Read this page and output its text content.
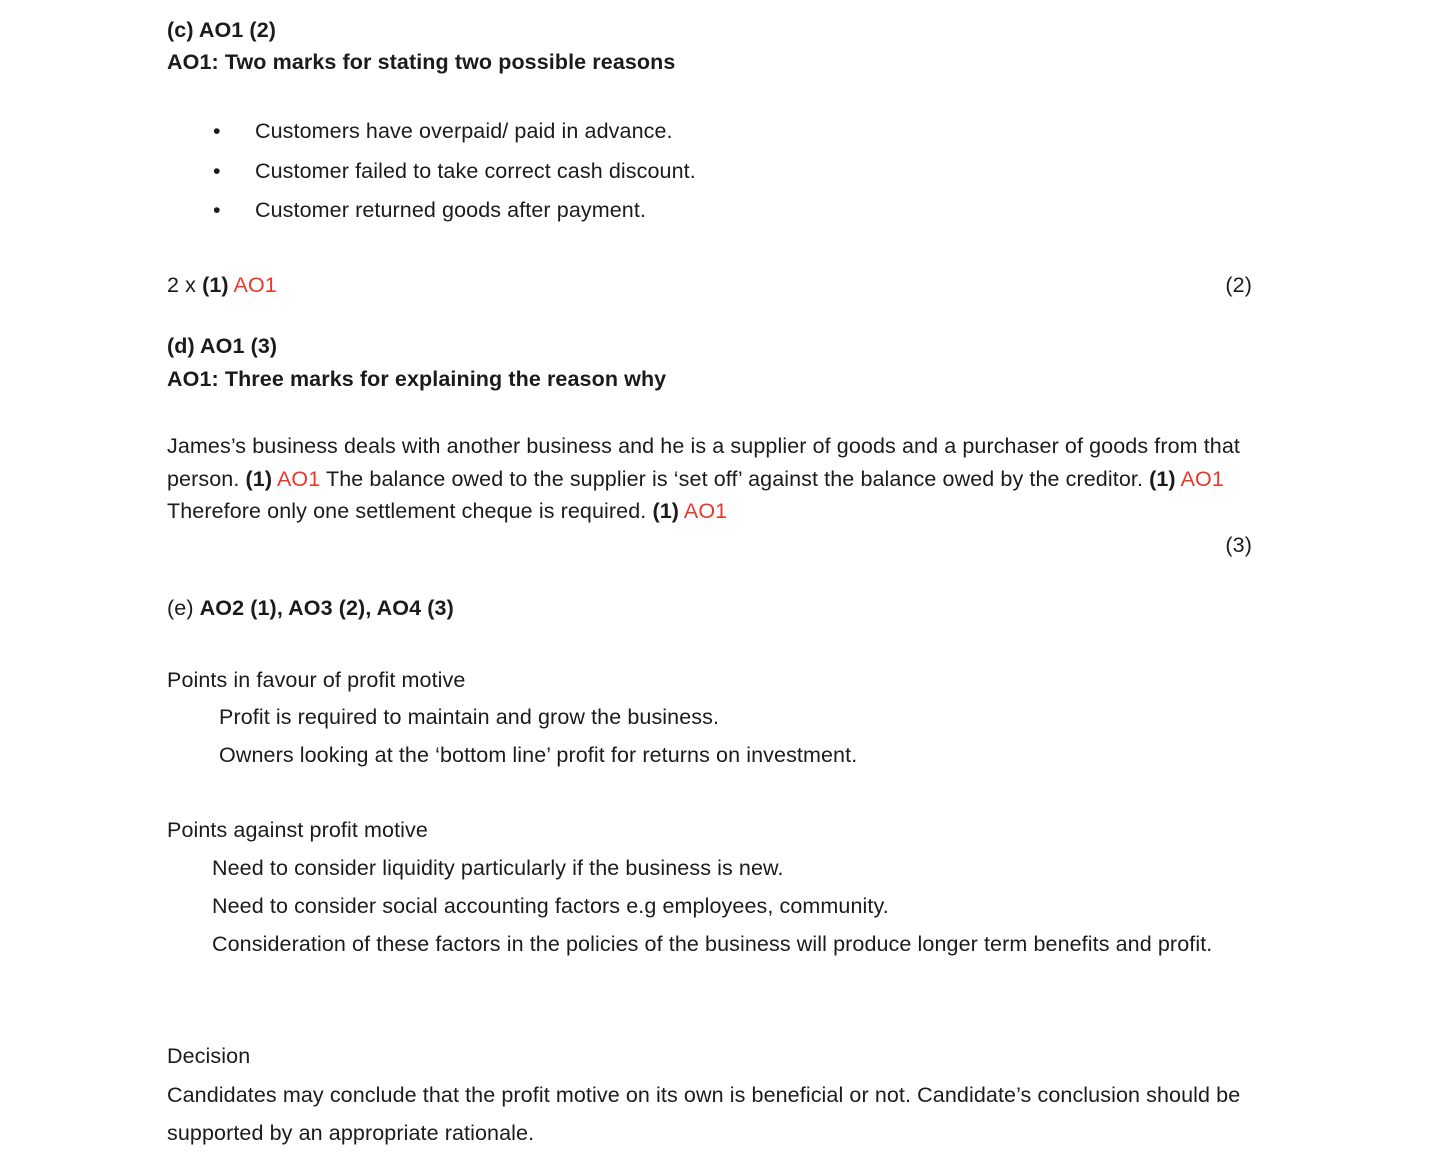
(c) AO1 (2)
AO1: Two marks for stating two possible reasons
• Customers have overpaid/ paid in advance.
• Customer failed to take correct cash discount.
• Customer returned goods after payment.
2 x (1) AO1	(2)
(d) AO1 (3)
AO1: Three marks for explaining the reason why
James’s business deals with another business and he is a supplier of goods and a purchaser of goods from that person. (1) AO1 The balance owed to the supplier is ‘set off’ against the balance owed by the creditor. (1) AO1 Therefore only one settlement cheque is required. (1) AO1
(3)
(e) AO2 (1), AO3 (2), AO4 (3)
Points in favour of profit motive
Profit is required to maintain and grow the business.
Owners looking at the ‘bottom line’ profit for returns on investment.
Points against profit motive
Need to consider liquidity particularly if the business is new.
Need to consider social accounting factors e.g employees, community.
Consideration of these factors in the policies of the business will produce longer term benefits and profit.
Decision
Candidates may conclude that the profit motive on its own is beneficial or not. Candidate’s conclusion should be supported by an appropriate rationale.
